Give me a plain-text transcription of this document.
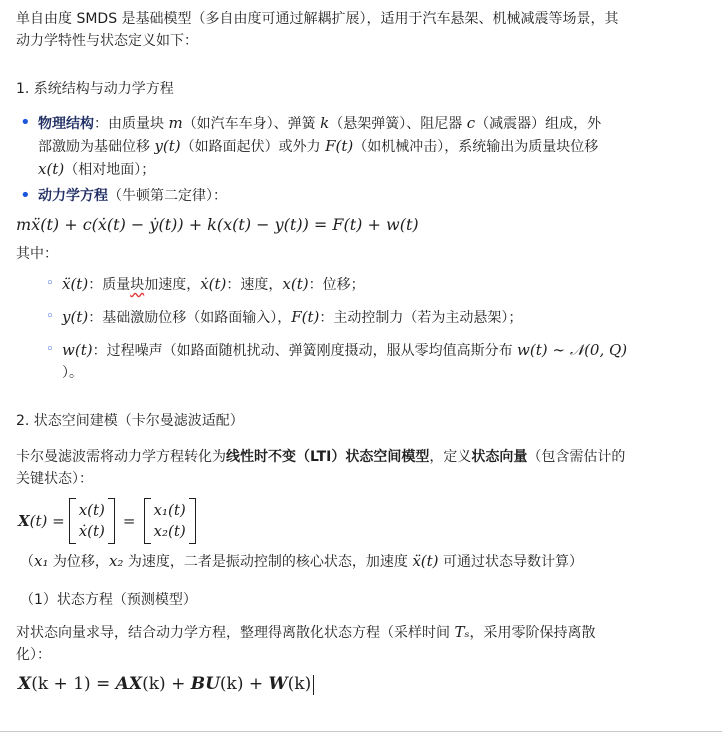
单自由度 SMDS 是基础模型（多自由度可通过解耦扩展），适用于汽车悬架、机械减震等场景，其

动力学特性与状态定义如下：

1. 系统结构与动力学方程

• 物理结构：由质量块 m（如汽车车身）、弹簧 k（悬架弹簧）、阻尼器 c（减震器）组成，外
部激励为基础位移 y(t)（如路面起伏）或外力 F(t)（如机械冲击），系统输出为质量块位移
x(t)（相对地面）；
• 动力学方程（牛顿第二定律）：

mẍ(t) + c(ẋ(t) − ẏ(t)) + k(x(t) − y(t)) = F(t) + w(t)

其中：

◦ ẍ(t)：质量块加速度，ẋ(t)：速度，x(t)：位移；
◦ y(t)：基础激励位移（如路面输入），F(t)：主动控制力（若为主动悬架）；
◦ w(t)：过程噪声（如路面随机扰动、弹簧刚度摄动，服从零均值高斯分布 w(t) ∼ 𝒩(0, Q)
）。

2. 状态空间建模（卡尔曼滤波适配）

卡尔曼滤波需将动力学方程转化为线性时不变（LTI）状态空间模型，定义状态向量（包含需估计的

关键状态）：

X (t) =
x(t)
ẋ(t)
=
x₁(t)
x₂(t)

（x₁ 为位移，x₂ 为速度，二者是振动控制的核心状态，加速度 ẍ(t) 可通过状态导数计算）

（1）状态方程（预测模型）

对状态向量求导，结合动力学方程，整理得离散化状态方程（采样时间 Tₛ，采用零阶保持离散

化）：

X(k + 1) = AX(k) + BU(k) + W(k)
